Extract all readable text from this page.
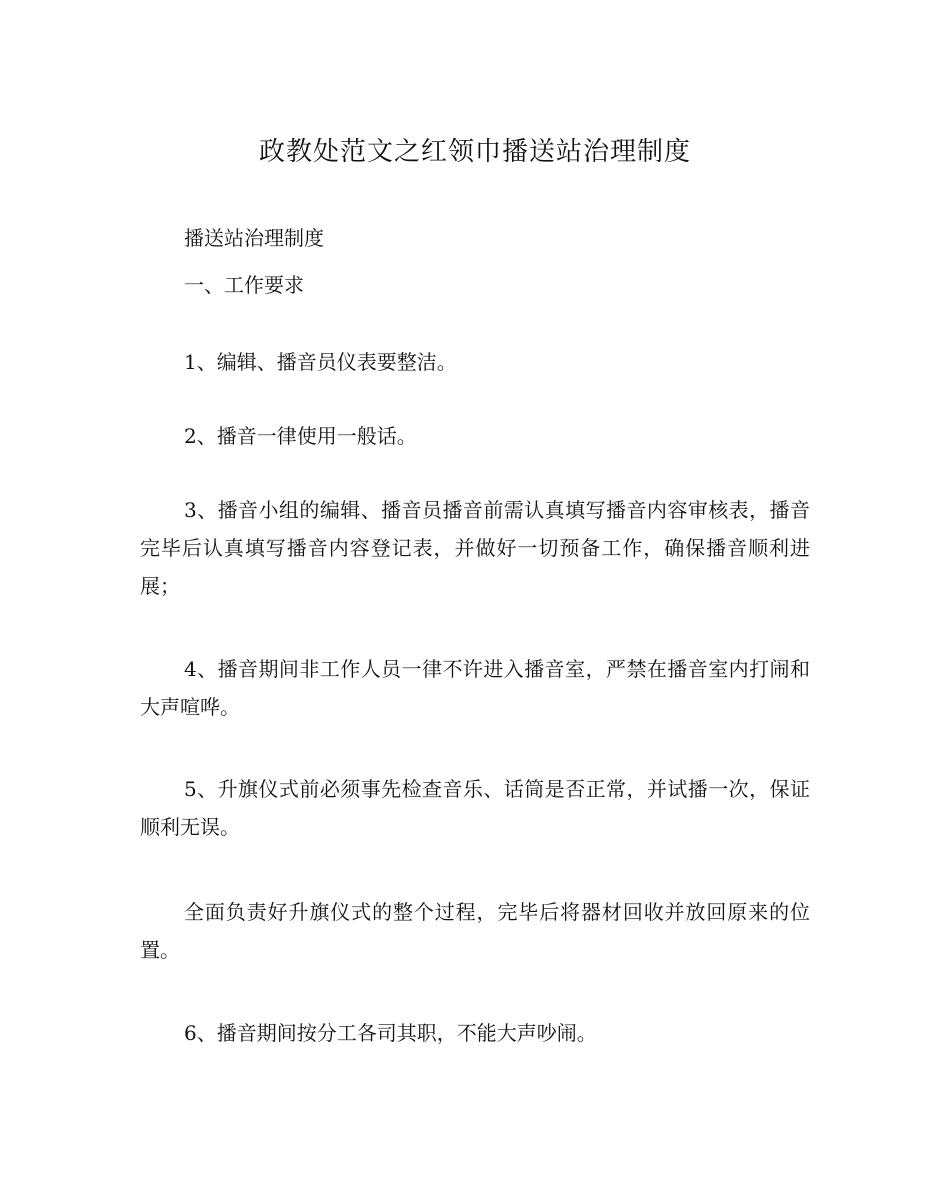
政教处范文之红领巾播送站治理制度

播送站治理制度

一、工作要求

1、编辑、播音员仪表要整洁。

2、播音一律使用一般话。

3、播音小组的编辑、播音员播音前需认真填写播音内容审核表，播音完毕后认真填写播音内容登记表，并做好一切预备工作，确保播音顺利进展；

4、播音期间非工作人员一律不许进入播音室，严禁在播音室内打闹和大声喧哗。

5、升旗仪式前必须事先检查音乐、话筒是否正常，并试播一次，保证顺利无误。

全面负责好升旗仪式的整个过程，完毕后将器材回收并放回原来的位置。

6、播音期间按分工各司其职，不能大声吵闹。
